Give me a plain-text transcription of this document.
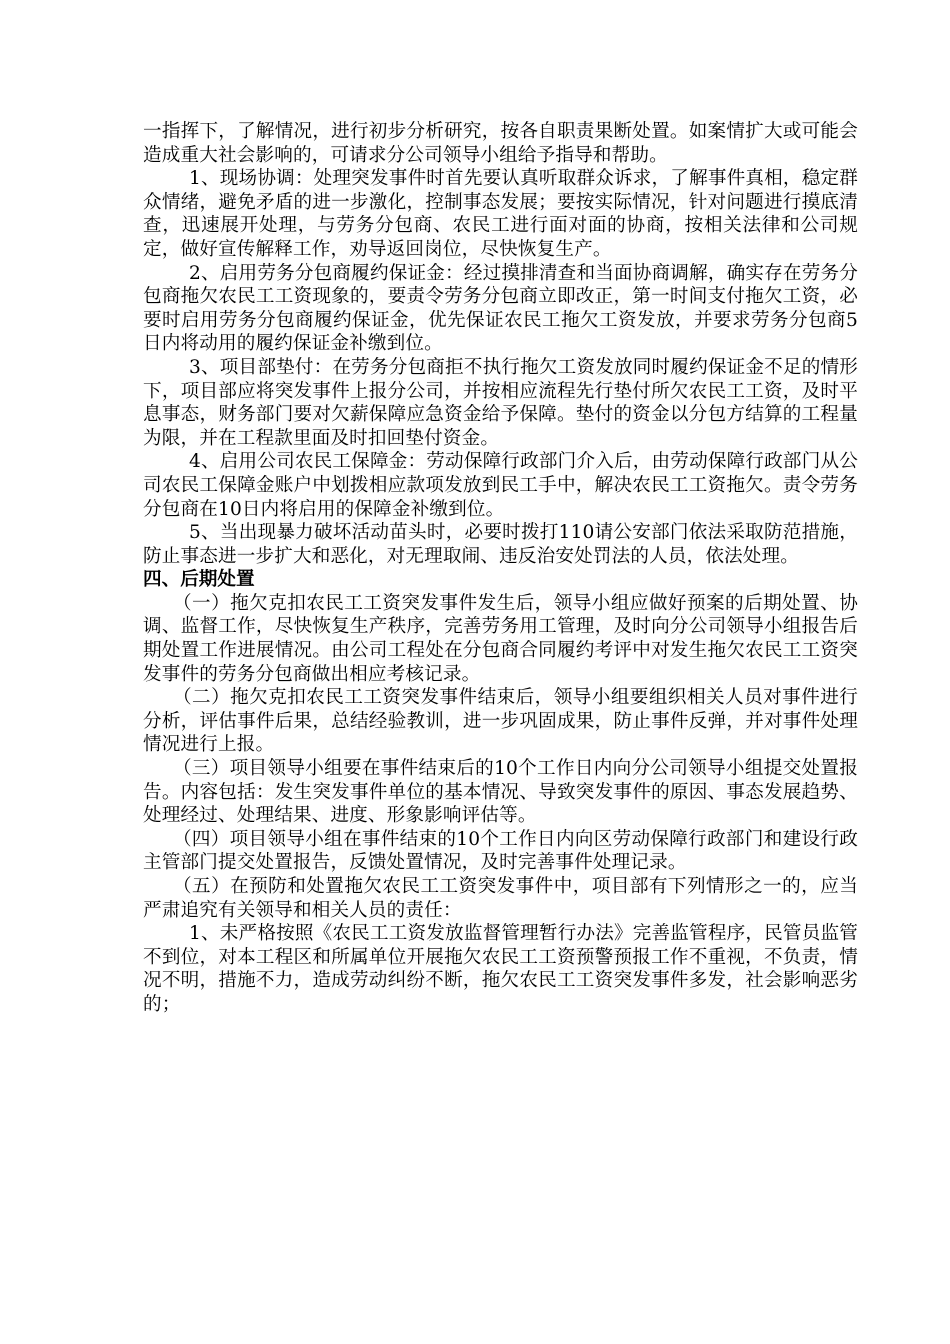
一指挥下，了解情况，进行初步分析研究，按各自职责果断处置。如案情扩大或可能会造成重大社会影响的，可请求分公司领导小组给予指导和帮助。

1、现场协调：处理突发事件时首先要认真听取群众诉求，了解事件真相，稳定群众情绪，避免矛盾的进一步激化，控制事态发展；要按实际情况，针对问题进行摸底清查，迅速展开处理，与劳务分包商、农民工进行面对面的协商，按相关法律和公司规定，做好宣传解释工作，劝导返回岗位，尽快恢复生产。

2、启用劳务分包商履约保证金：经过摸排清查和当面协商调解，确实存在劳务分包商拖欠农民工工资现象的，要责令劳务分包商立即改正，第一时间支付拖欠工资，必要时启用劳务分包商履约保证金，优先保证农民工拖欠工资发放，并要求劳务分包商5日内将动用的履约保证金补缴到位。

3、项目部垫付：在劳务分包商拒不执行拖欠工资发放同时履约保证金不足的情形下，项目部应将突发事件上报分公司，并按相应流程先行垫付所欠农民工工资，及时平息事态，财务部门要对欠薪保障应急资金给予保障。垫付的资金以分包方结算的工程量为限，并在工程款里面及时扣回垫付资金。

4、启用公司农民工保障金：劳动保障行政部门介入后，由劳动保障行政部门从公司农民工保障金账户中划拨相应款项发放到民工手中，解决农民工工资拖欠。责令劳务分包商在10日内将启用的保障金补缴到位。

5、当出现暴力破坏活动苗头时，必要时拨打110请公安部门依法采取防范措施，防止事态进一步扩大和恶化，对无理取闹、违反治安处罚法的人员，依法处理。

四、后期处置

（一）拖欠克扣农民工工资突发事件发生后，领导小组应做好预案的后期处置、协调、监督工作，尽快恢复生产秩序，完善劳务用工管理，及时向分公司领导小组报告后期处置工作进展情况。由公司工程处在分包商合同履约考评中对发生拖欠农民工工资突发事件的劳务分包商做出相应考核记录。

（二）拖欠克扣农民工工资突发事件结束后，领导小组要组织相关人员对事件进行分析，评估事件后果，总结经验教训，进一步巩固成果，防止事件反弹，并对事件处理情况进行上报。

（三）项目领导小组要在事件结束后的10个工作日内向分公司领导小组提交处置报告。内容包括：发生突发事件单位的基本情况、导致突发事件的原因、事态发展趋势、处理经过、处理结果、进度、形象影响评估等。

（四）项目领导小组在事件结束的10个工作日内向区劳动保障行政部门和建设行政主管部门提交处置报告，反馈处置情况，及时完善事件处理记录。

（五）在预防和处置拖欠农民工工资突发事件中，项目部有下列情形之一的，应当严肃追究有关领导和相关人员的责任：

1、未严格按照《农民工工资发放监督管理暂行办法》完善监管程序，民管员监管不到位，对本工程区和所属单位开展拖欠农民工工资预警预报工作不重视，不负责，情况不明，措施不力，造成劳动纠纷不断，拖欠农民工工资突发事件多发，社会影响恶劣的；
